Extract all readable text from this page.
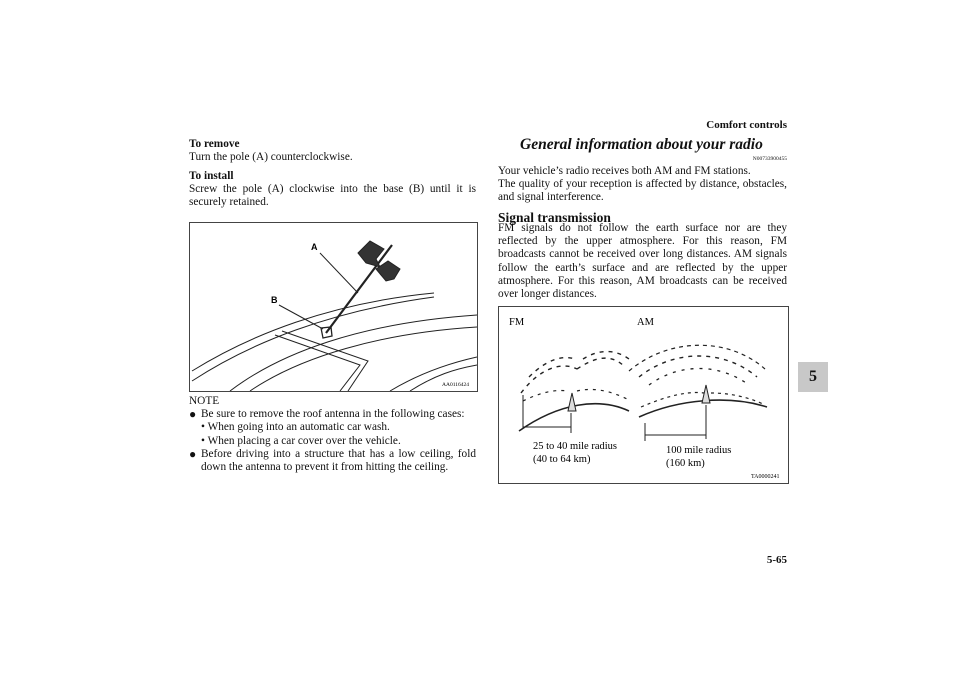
Comfort controls
5
To remove
Turn the pole (A) counterclockwise.
To install
Screw the pole (A) clockwise into the base (B) until it is securely retained.
A
B
AA0116424
NOTE
● Be sure to remove the roof antenna in the following cases:
• When going into an automatic car wash.
• When placing a car cover over the vehicle.
● Before driving into a structure that has a low ceiling, fold down the antenna to prevent it from hitting the ceiling.
General information about your radio
N00733900455
Your vehicle’s radio receives both AM and FM stations.
The quality of your reception is affected by distance, obstacles, and signal interference.
Signal transmission
FM signals do not follow the earth surface nor are they reflected by the upper atmosphere. For this reason, FM broadcasts cannot be received over long distances. AM signals follow the earth’s surface and are reflected by the upper atmosphere. For this reason, AM broadcasts can be received over longer distances.
FM	AM
25 to 40 mile radius
(40 to 64 km)
100 mile radius
(160 km)
TA0000241
5-65
